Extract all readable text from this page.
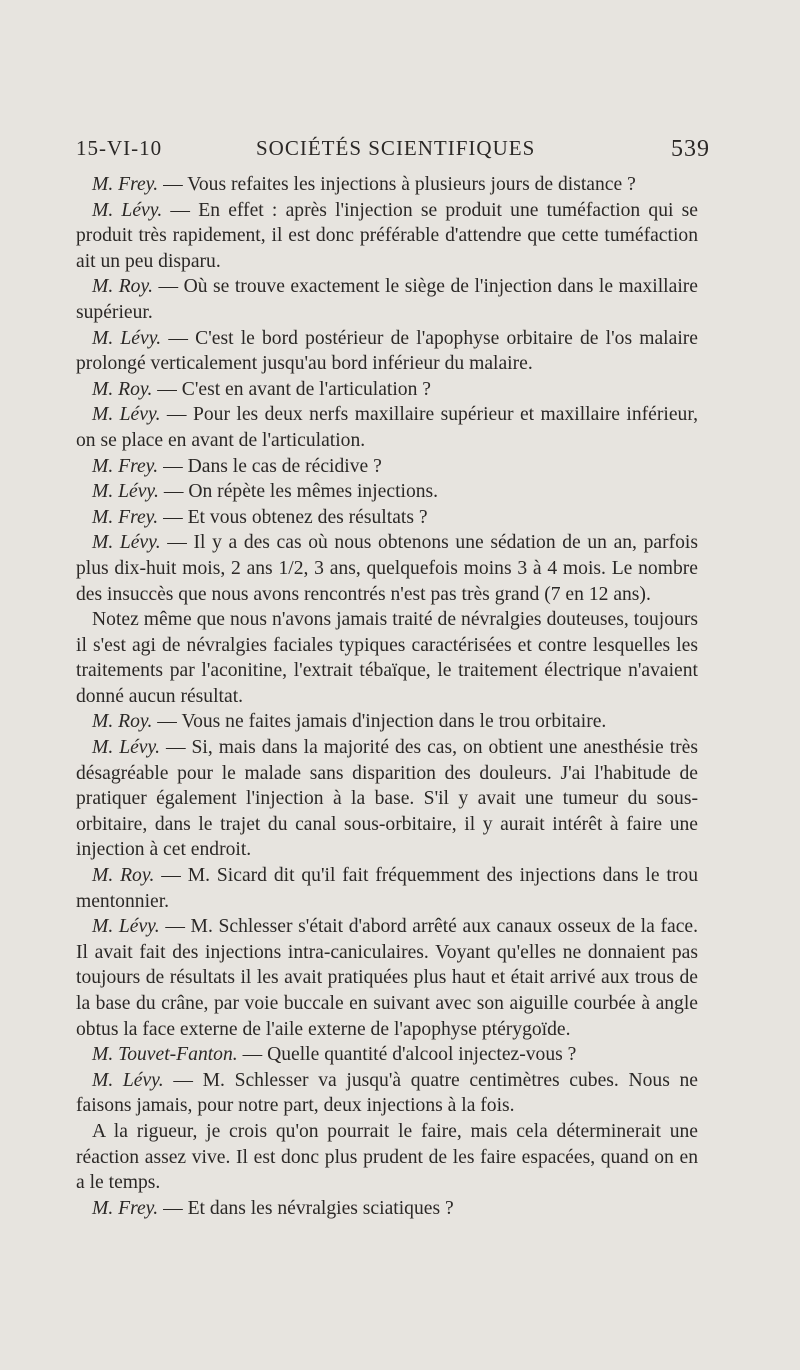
15-VI-10	SOCIÉTÉS SCIENTIFIQUES	539

M. Frey. — Vous refaites les injections à plusieurs jours de distance ?

M. Lévy. — En effet : après l'injection se produit une tuméfaction qui se produit très rapidement, il est donc préférable d'attendre que cette tuméfaction ait un peu disparu.

M. Roy. — Où se trouve exactement le siège de l'injection dans le maxillaire supérieur.

M. Lévy. — C'est le bord postérieur de l'apophyse orbitaire de l'os malaire prolongé verticalement jusqu'au bord inférieur du malaire.

M. Roy. — C'est en avant de l'articulation ?

M. Lévy. — Pour les deux nerfs maxillaire supérieur et maxillaire inférieur, on se place en avant de l'articulation.

M. Frey. — Dans le cas de récidive ?

M. Lévy. — On répète les mêmes injections.

M. Frey. — Et vous obtenez des résultats ?

M. Lévy. — Il y a des cas où nous obtenons une sédation de un an, parfois plus dix-huit mois, 2 ans 1/2, 3 ans, quelquefois moins 3 à 4 mois. Le nombre des insuccès que nous avons rencontrés n'est pas très grand (7 en 12 ans).

Notez même que nous n'avons jamais traité de névralgies douteuses, toujours il s'est agi de névralgies faciales typiques caractérisées et contre lesquelles les traitements par l'aconitine, l'extrait tébaïque, le traitement électrique n'avaient donné aucun résultat.

M. Roy. — Vous ne faites jamais d'injection dans le trou orbitaire.

M. Lévy. — Si, mais dans la majorité des cas, on obtient une anesthésie très désagréable pour le malade sans disparition des douleurs. J'ai l'habitude de pratiquer également l'injection à la base. S'il y avait une tumeur du sous-orbitaire, dans le trajet du canal sous-orbitaire, il y aurait intérêt à faire une injection à cet endroit.

M. Roy. — M. Sicard dit qu'il fait fréquemment des injections dans le trou mentonnier.

M. Lévy. — M. Schlesser s'était d'abord arrêté aux canaux osseux de la face. Il avait fait des injections intra-caniculaires. Voyant qu'elles ne donnaient pas toujours de résultats il les avait pratiquées plus haut et était arrivé aux trous de la base du crâne, par voie buccale en suivant avec son aiguille courbée à angle obtus la face externe de l'aile externe de l'apophyse ptérygoïde.

M. Touvet-Fanton. — Quelle quantité d'alcool injectez-vous ?

M. Lévy. — M. Schlesser va jusqu'à quatre centimètres cubes. Nous ne faisons jamais, pour notre part, deux injections à la fois.

A la rigueur, je crois qu'on pourrait le faire, mais cela déterminerait une réaction assez vive. Il est donc plus prudent de les faire espacées, quand on en a le temps.

M. Frey. — Et dans les névralgies sciatiques ?
